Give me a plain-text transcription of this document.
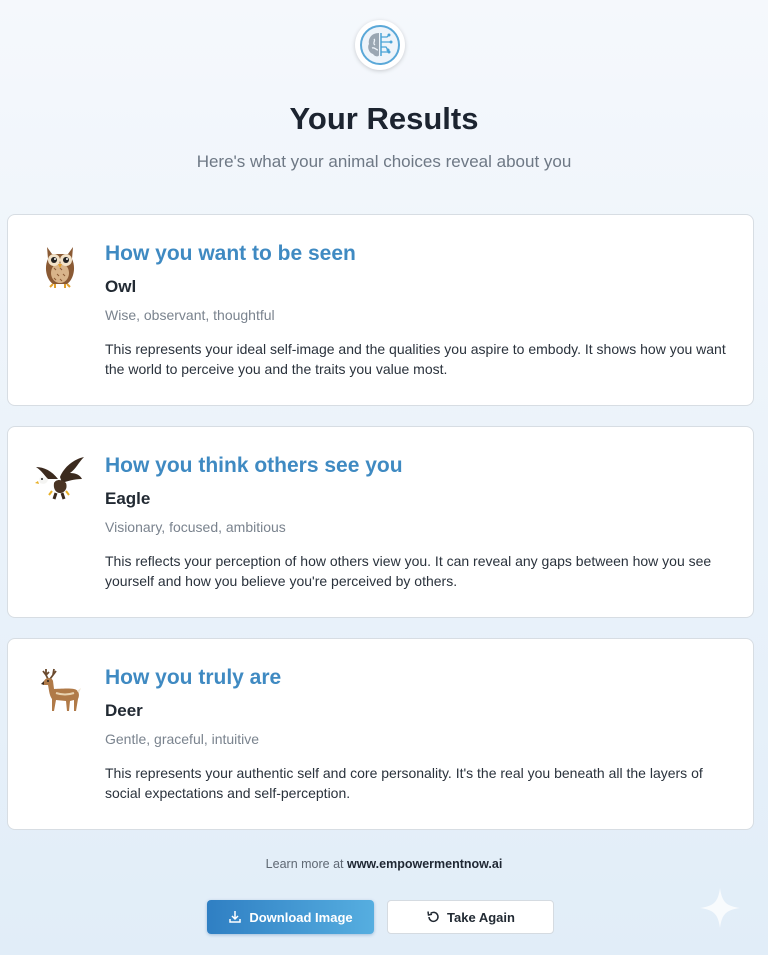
Your Results
Here's what your animal choices reveal about you
How you want to be seen
Owl
Wise, observant, thoughtful
This represents your ideal self-image and the qualities you aspire to embody. It shows how you want the world to perceive you and the traits you value most.
How you think others see you
Eagle
Visionary, focused, ambitious
This reflects your perception of how others view you. It can reveal any gaps between how you see yourself and how you believe you're perceived by others.
How you truly are
Deer
Gentle, graceful, intuitive
This represents your authentic self and core personality. It's the real you beneath all the layers of social expectations and self-perception.
Learn more at www.empowermentnow.ai
Download Image	Take Again
